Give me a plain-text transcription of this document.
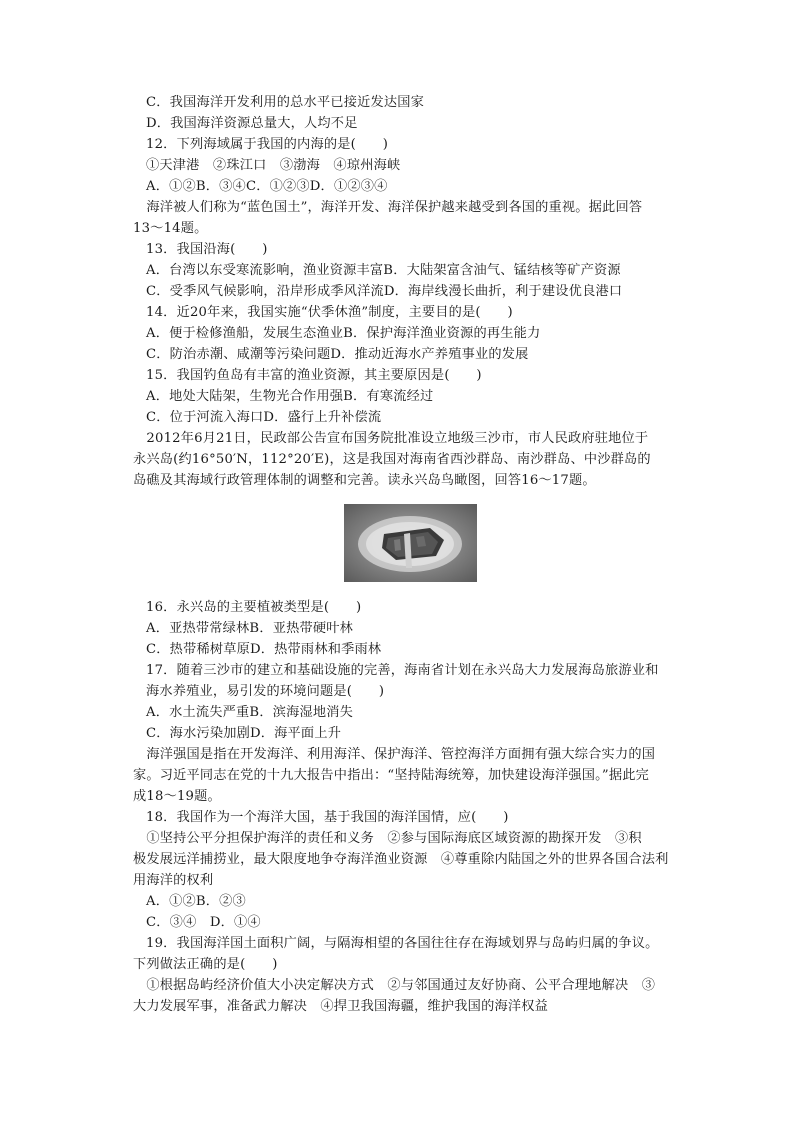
C．我国海洋开发利用的总水平已接近发达国家
D．我国海洋资源总量大，人均不足
12．下列海域属于我国的内海的是(　　)
①天津港　②珠江口　③渤海　④琼州海峡
A．①②B．③④C．①②③D．①②③④
　海洋被人们称为“蓝色国土”，海洋开发、海洋保护越来越受到各国的重视。据此回答
13～14题。
13．我国沿海(　　)
A．台湾以东受寒流影响，渔业资源丰富B．大陆架富含油气、锰结核等矿产资源
C．受季风气候影响，沿岸形成季风洋流D．海岸线漫长曲折，利于建设优良港口
14．近20年来，我国实施“伏季休渔”制度，主要目的是(　　)
A．便于检修渔船，发展生态渔业B．保护海洋渔业资源的再生能力
C．防治赤潮、咸潮等污染问题D．推动近海水产养殖事业的发展
15．我国钓鱼岛有丰富的渔业资源，其主要原因是(　　)
A．地处大陆架，生物光合作用强B．有寒流经过
C．位于河流入海口D．盛行上升补偿流
　2012年6月21日，民政部公告宣布国务院批准设立地级三沙市，市人民政府驻地位于
永兴岛(约16°50′N，112°20′E)，这是我国对海南省西沙群岛、南沙群岛、中沙群岛的
岛礁及其海域行政管理体制的调整和完善。读永兴岛鸟瞰图，回答16～17题。
16．永兴岛的主要植被类型是(　　)
A．亚热带常绿林B．亚热带硬叶林
C．热带稀树草原D．热带雨林和季雨林
17．随着三沙市的建立和基础设施的完善，海南省计划在永兴岛大力发展海岛旅游业和
海水养殖业，易引发的环境问题是(　　)
A．水土流失严重B．滨海湿地消失
C．海水污染加剧D．海平面上升
　海洋强国是指在开发海洋、利用海洋、保护海洋、管控海洋方面拥有强大综合实力的国
家。习近平同志在党的十九大报告中指出：“坚持陆海统筹，加快建设海洋强国。”据此完
成18～19题。
18．我国作为一个海洋大国，基于我国的海洋国情，应(　　)
　①坚持公平分担保护海洋的责任和义务　②参与国际海底区域资源的勘探开发　③积
极发展远洋捕捞业，最大限度地争夺海洋渔业资源　④尊重除内陆国之外的世界各国合法利
用海洋的权利
A．①②B．②③
C．③④　D．①④
19．我国海洋国土面积广阔，与隔海相望的各国往往存在海域划界与岛屿归属的争议。
下列做法正确的是(　　)
　①根据岛屿经济价值大小决定解决方式　②与邻国通过友好协商、公平合理地解决　③
大力发展军事，准备武力解决　④捍卫我国海疆，维护我国的海洋权益
